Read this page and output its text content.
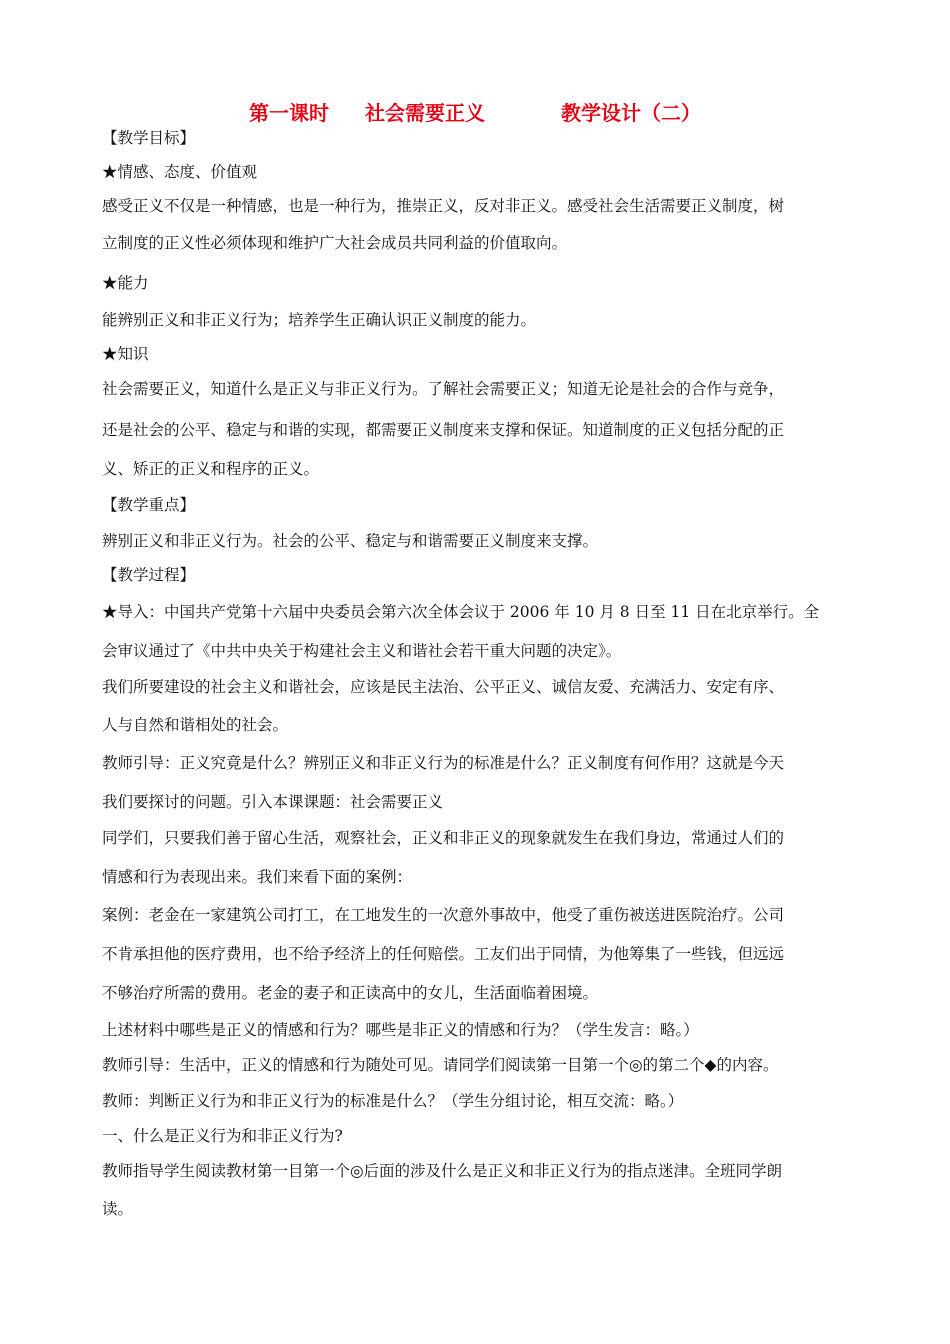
第一课时 社会需要正义	教学设计（二）
【教学目标】
★情感、态度、价值观
感受正义不仅是一种情感，也是一种行为，推崇正义，反对非正义。感受社会生活需要正义制度，树
立制度的正义性必须体现和维护广大社会成员共同利益的价值取向。
★能力
能辨别正义和非正义行为；培养学生正确认识正义制度的能力。
★知识
社会需要正义，知道什么是正义与非正义行为。了解社会需要正义；知道无论是社会的合作与竞争，
还是社会的公平、稳定与和谐的实现，都需要正义制度来支撑和保证。知道制度的正义包括分配的正
义、矫正的正义和程序的正义。
【教学重点】
辨别正义和非正义行为。社会的公平、稳定与和谐需要正义制度来支撑。
【教学过程】
★导入：中国共产党第十六届中央委员会第六次全体会议于 2006 年 10 月 8 日至 11 日在北京举行。全
会审议通过了《中共中央关于构建社会主义和谐社会若干重大问题的决定》。
我们所要建设的社会主义和谐社会，应该是民主法治、公平正义、诚信友爱、充满活力、安定有序、
人与自然和谐相处的社会。
教师引导：正义究竟是什么？辨别正义和非正义行为的标准是什么？正义制度有何作用？这就是今天
我们要探讨的问题。引入本课课题：社会需要正义
同学们，只要我们善于留心生活，观察社会，正义和非正义的现象就发生在我们身边，常通过人们的
情感和行为表现出来。我们来看下面的案例：
案例：老金在一家建筑公司打工，在工地发生的一次意外事故中，他受了重伤被送进医院治疗。公司
不肯承担他的医疗费用，也不给予经济上的任何赔偿。工友们出于同情，为他筹集了一些钱，但远远
不够治疗所需的费用。老金的妻子和正读高中的女儿，生活面临着困境。
上述材料中哪些是正义的情感和行为？哪些是非正义的情感和行为？（学生发言：略。）
教师引导：生活中，正义的情感和行为随处可见。请同学们阅读第一目第一个◎的第二个◆的内容。
教师：判断正义行为和非正义行为的标准是什么？（学生分组讨论，相互交流：略。）
一、什么是正义行为和非正义行为?
教师指导学生阅读教材第一目第一个◎后面的涉及什么是正义和非正义行为的指点迷津。全班同学朗
读。
